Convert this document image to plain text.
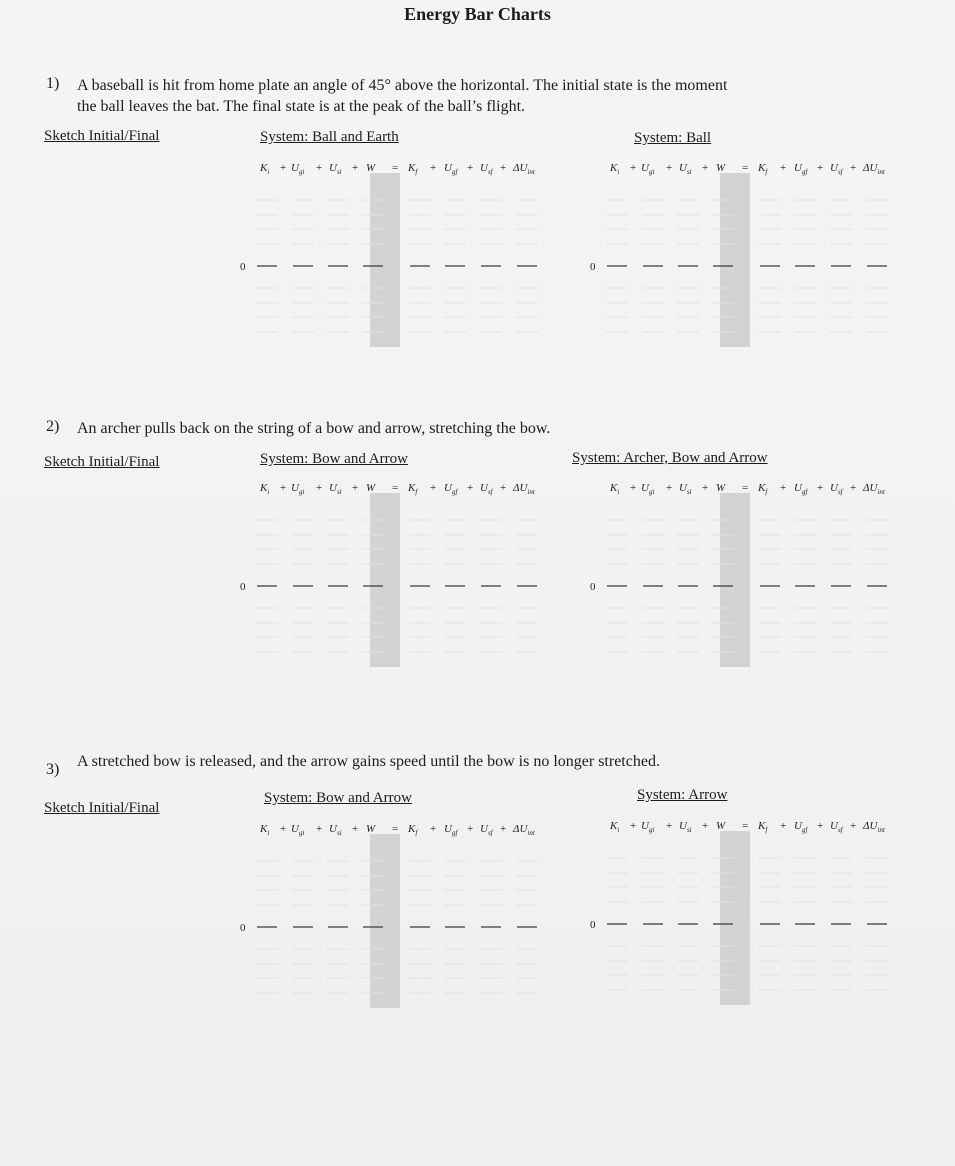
Energy Bar Charts
1) A baseball is hit from home plate an angle of 45° above the horizontal. The initial state is the moment
the ball leaves the bat. The final state is at the peak of the ball’s flight.
Sketch Initial/Final	System: Ball and Earth	System: Ball
$K_i$ $U_{gi}$ $U_{si}$ W	$K_f$ $U_{gf}$ $U_{sf}$ $\Delta U_{int}$
+	+	+	=	+	+ +
0
$K_i$ $U_{gi}$ $U_{si}$ W	$K_f$ $U_{gf}$ $U_{sf}$ $\Delta U_{int}$
+	+	+	=	+	+ +
0
2) An archer pulls back on the string of a bow and arrow, stretching the bow.
Sketch Initial/Final	System: Bow and Arrow	System: Archer, Bow and Arrow
$K_i$ $U_{gi}$ $U_{si}$ W	$K_f$ $U_{gf}$ $U_{sf}$ $\Delta U_{int}$
+	+	+	=	+	+ +
0
$K_i$ $U_{gi}$ $U_{si}$ W	$K_f$ $U_{gf}$ $U_{sf}$ $\Delta U_{int}$
+	+	+	=	+	+ +
0
3) A stretched bow is released, and the arrow gains speed until the bow is no longer stretched.
Sketch Initial/Final
System: Bow and Arrow	System: Arrow
$K_i$ $U_{gi}$ $U_{si}$ W	$K_f$ $U_{gf}$ $U_{sf}$ $\Delta U_{int}$
+	+	+	=	+	+ +
0
$K_i$ $U_{gi}$ $U_{si}$ W	$K_f$ $U_{gf}$ $U_{sf}$ $\Delta U_{int}$
+	+	+	=	+	+ +
0
